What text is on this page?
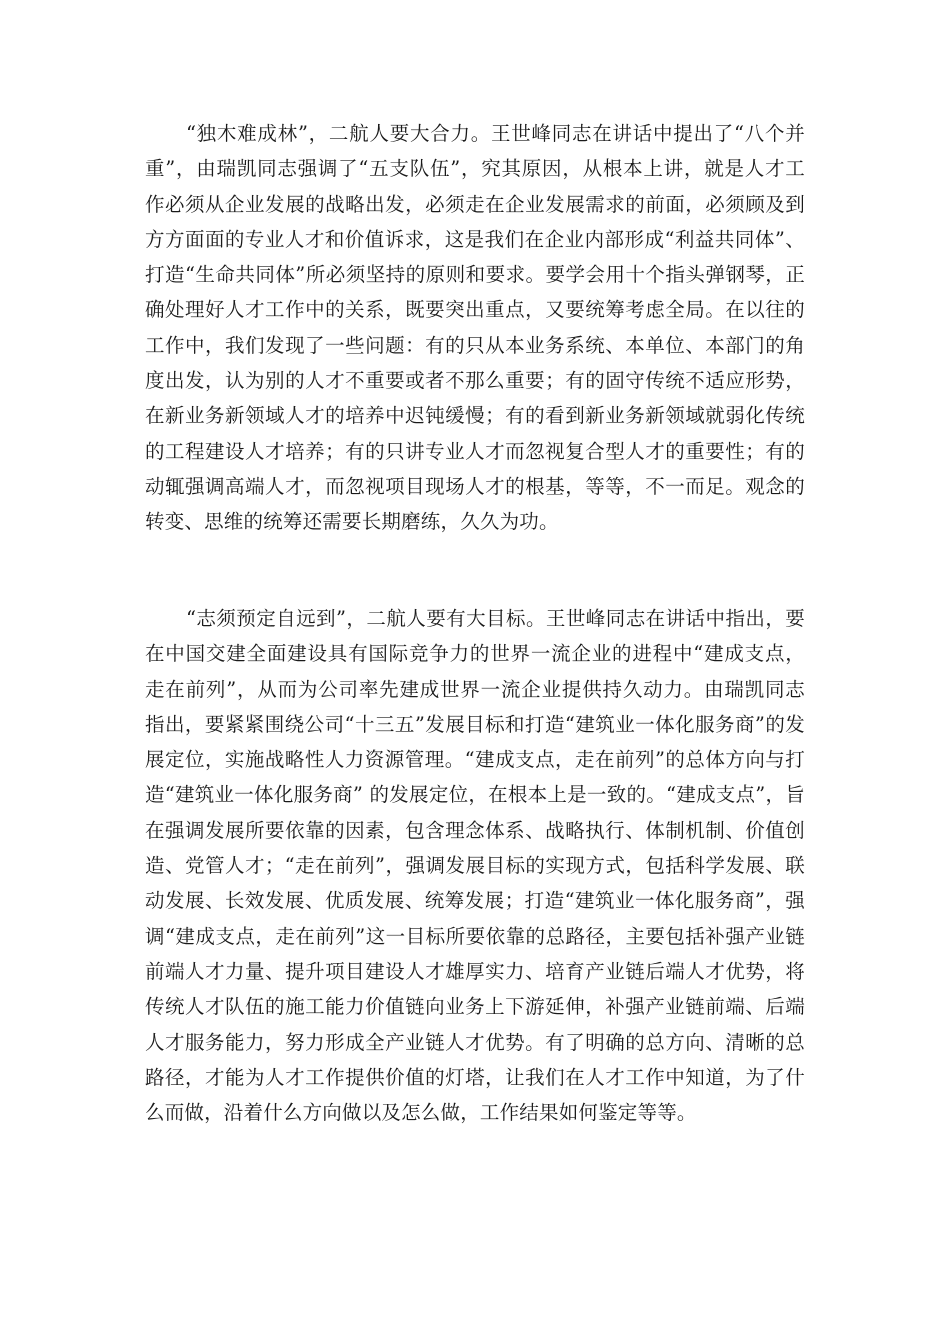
“独木难成林”，二航人要大合力。王世峰同志在讲话中提出了“八个并重”，由瑞凯同志强调了“五支队伍”，究其原因，从根本上讲，就是人才工作必须从企业发展的战略出发，必须走在企业发展需求的前面，必须顾及到方方面面的专业人才和价值诉求，这是我们在企业内部形成“利益共同体”、打造“生命共同体”所必须坚持的原则和要求。要学会用十个指头弹钢琴，正确处理好人才工作中的关系，既要突出重点，又要统筹考虑全局。在以往的工作中，我们发现了一些问题：有的只从本业务系统、本单位、本部门的角度出发，认为别的人才不重要或者不那么重要；有的固守传统不适应形势，在新业务新领域人才的培养中迟钝缓慢；有的看到新业务新领域就弱化传统的工程建设人才培养；有的只讲专业人才而忽视复合型人才的重要性；有的动辄强调高端人才，而忽视项目现场人才的根基，等等，不一而足。观念的转变、思维的统筹还需要长期磨练，久久为功。

“志须预定自远到”，二航人要有大目标。王世峰同志在讲话中指出，要在中国交建全面建设具有国际竞争力的世界一流企业的进程中“建成支点，走在前列”，从而为公司率先建成世界一流企业提供持久动力。由瑞凯同志指出，要紧紧围绕公司“十三五”发展目标和打造“建筑业一体化服务商”的发展定位，实施战略性人力资源管理。“建成支点，走在前列”的总体方向与打造“建筑业一体化服务商” 的发展定位，在根本上是一致的。“建成支点”，旨在强调发展所要依靠的因素，包含理念体系、战略执行、体制机制、价值创造、党管人才；“走在前列”，强调发展目标的实现方式，包括科学发展、联动发展、长效发展、优质发展、统筹发展；打造“建筑业一体化服务商”，强调“建成支点，走在前列”这一目标所要依靠的总路径，主要包括补强产业链前端人才力量、提升项目建设人才雄厚实力、培育产业链后端人才优势，将传统人才队伍的施工能力价值链向业务上下游延伸，补强产业链前端、后端人才服务能力，努力形成全产业链人才优势。有了明确的总方向、清晰的总路径，才能为人才工作提供价值的灯塔，让我们在人才工作中知道，为了什么而做，沿着什么方向做以及怎么做，工作结果如何鉴定等等。
